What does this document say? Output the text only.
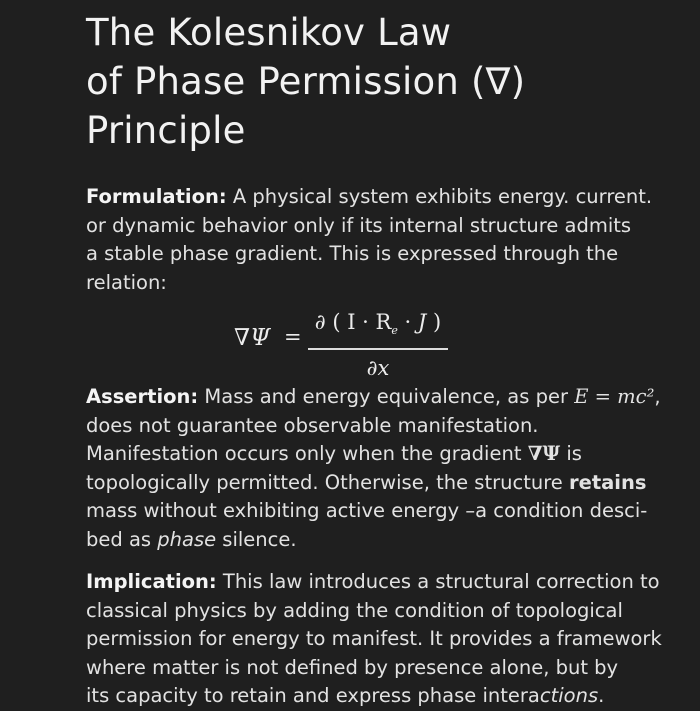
The Kolesnikov Law
of Phase Permission (∇)
Principle

Formulation: A physical system exhibits energy. current.
or dynamic behavior only if its internal structure admits
a stable phase gradient. This is expressed through the
relation:

∇Ψ =
∂ ( $I \cdot R_e \cdot J$ )
∂x

Assertion: Mass and energy equivalence, as per E = mc²,
does not guarantee observable manifestation.
Manifestation occurs only when the gradient ∇Ψ is
topologically permitted. Otherwise, the structure retains
mass without exhibiting active energy –a condition desci-
bed as phase silence.

Implication: This law introduces a structural correction to
classical physics by adding the condition of topological
permission for energy to manifest. It provides a framework
where matter is not defined by presence alone, but by
its capacity to retain and express phase interactions.
